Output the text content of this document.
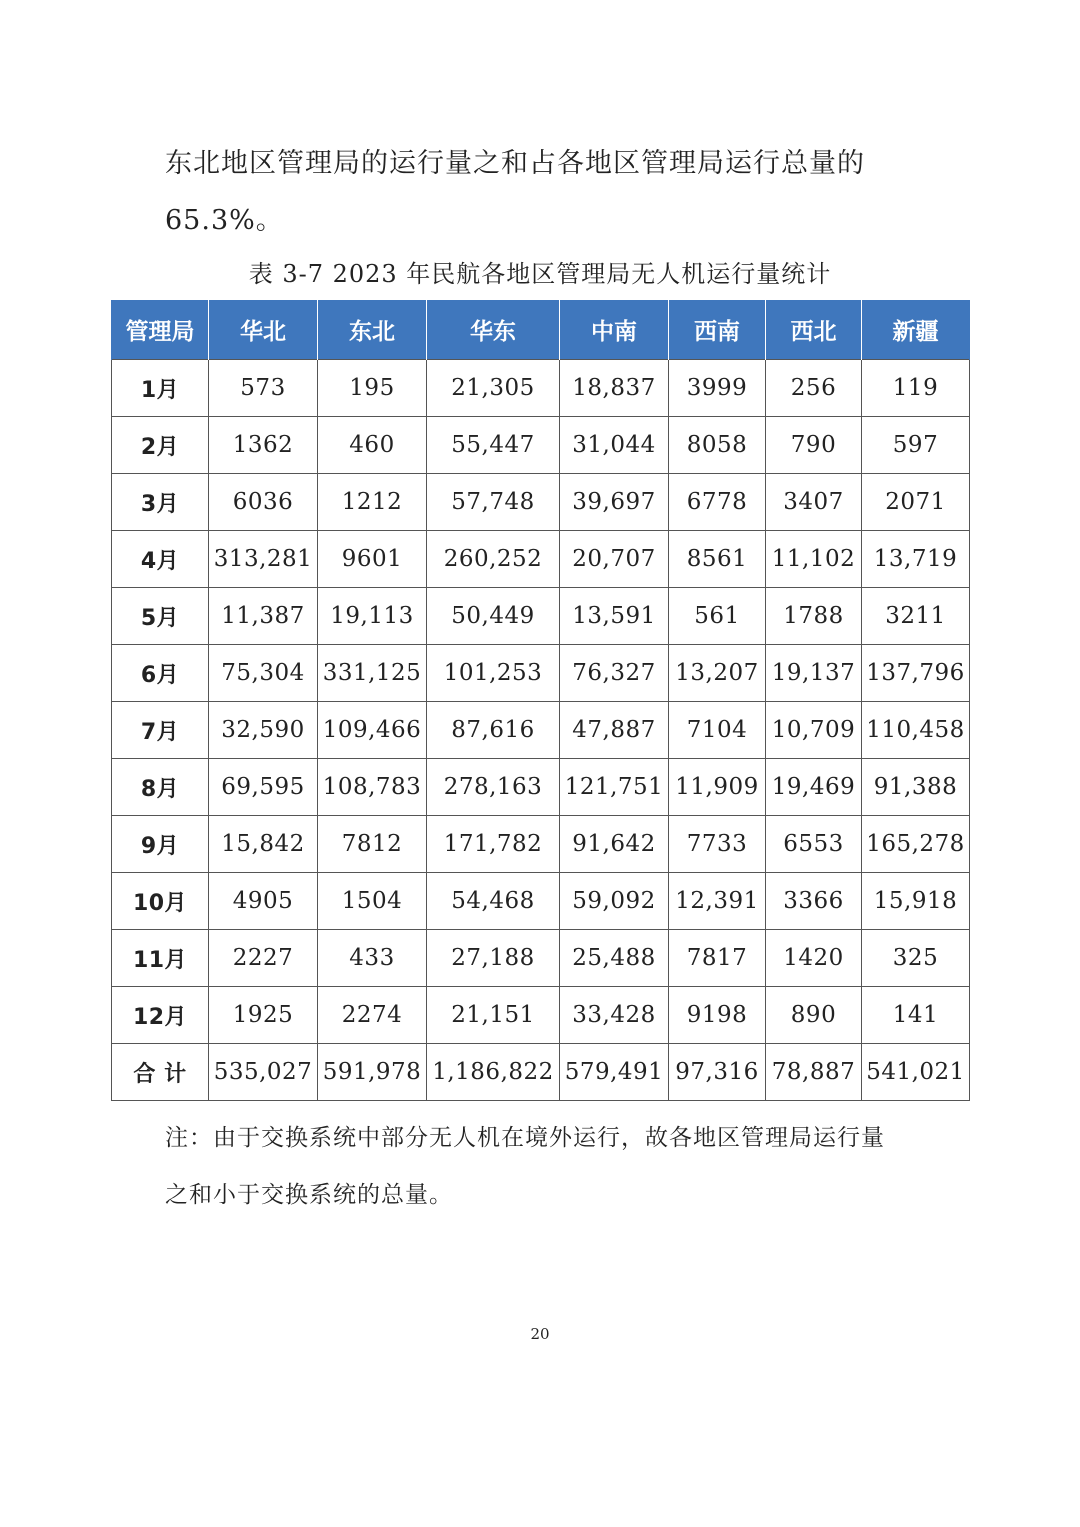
东北地区管理局的运行量之和占各地区管理局运行总量的
65.3%。
表 3-7 2023 年民航各地区管理局无人机运行量统计
管理局	华北	东北	华东	中南	西南	西北	新疆
1月	573	195	21,305	18,837	3999	256	119
2月	1362	460	55,447	31,044	8058	790	597
3月	6036	1212	57,748	39,697	6778	3407	2071
4月	313,281	9601	260,252	20,707	8561	11,102	13,719
5月	11,387	19,113	50,449	13,591	561	1788	3211
6月	75,304	331,125	101,253	76,327	13,207	19,137	137,796
7月	32,590	109,466	87,616	47,887	7104	10,709	110,458
8月	69,595	108,783	278,163	121,751	11,909	19,469	91,388
9月	15,842	7812	171,782	91,642	7733	6553	165,278
10月	4905	1504	54,468	59,092	12,391	3366	15,918
11月	2227	433	27,188	25,488	7817	1420	325
12月	1925	2274	21,151	33,428	9198	890	141
合 计	535,027	591,978	1,186,822	579,491	97,316	78,887	541,021
注：由于交换系统中部分无人机在境外运行，故各地区管理局运行量
之和小于交换系统的总量。
20
